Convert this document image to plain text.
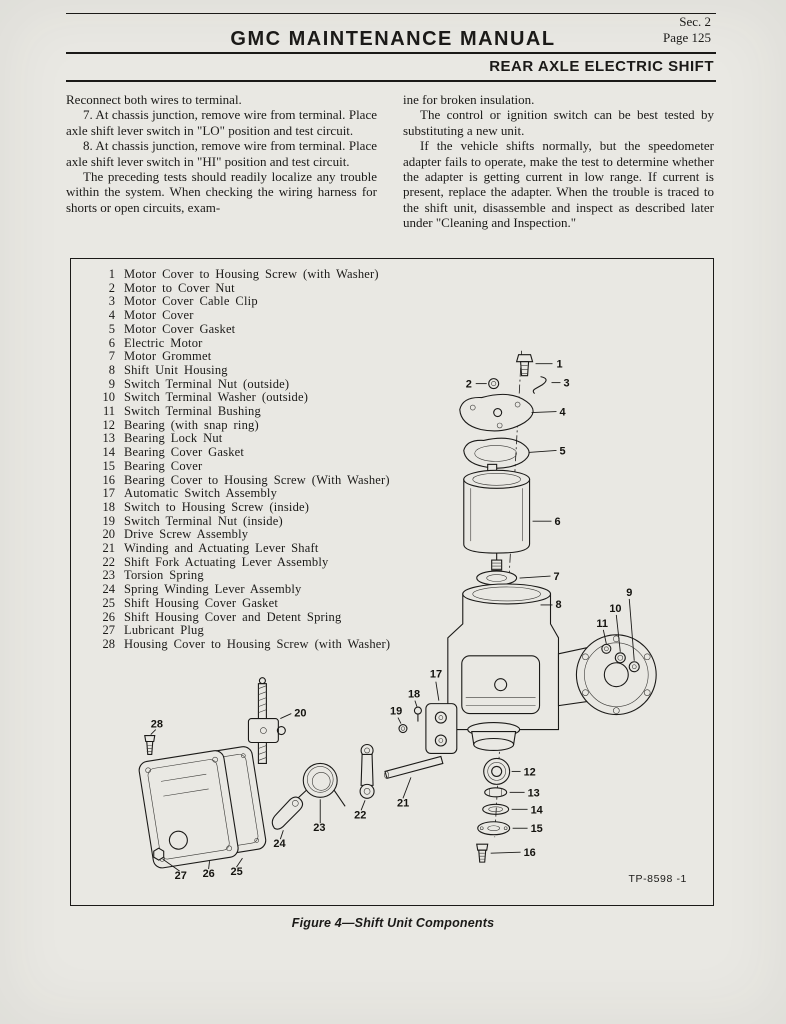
Sec. 2
Page 125
GMC MAINTENANCE MANUAL
REAR AXLE ELECTRIC SHIFT

Reconnect both wires to terminal.

7. At chassis junction, remove wire from terminal. Place axle shift lever switch in "LO" position and test circuit.

8. At chassis junction, remove wire from terminal. Place axle shift lever switch in "HI" position and test circuit.

The preceding tests should readily localize any trouble within the system. When checking the wiring harness for shorts or open circuits, exam-

ine for broken insulation.

The control or ignition switch can be best tested by substituting a new unit.

If the vehicle shifts normally, but the speedometer adapter fails to operate, make the test to determine whether the adapter is getting current in low range. If current is present, replace the adapter. When the trouble is traced to the shift unit, disassemble and inspect as described later under "Cleaning and Inspection."

1
2	3
4
5
6
7
8
9
10
11
12
13
14
15
16
17
18
19
20
21
22
23
24
25
26
27
28
1 Motor Cover to Housing Screw (with Washer)
2 Motor to Cover Nut
3 Motor Cover Cable Clip
4 Motor Cover
5 Motor Cover Gasket
6 Electric Motor
7 Motor Grommet
8 Shift Unit Housing
9 Switch Terminal Nut (outside)
10 Switch Terminal Washer (outside)
11 Switch Terminal Bushing
12 Bearing (with snap ring)
13 Bearing Lock Nut
14 Bearing Cover Gasket
15 Bearing Cover
16 Bearing Cover to Housing Screw (With Washer)
17 Automatic Switch Assembly
18 Switch to Housing Screw (inside)
19 Switch Terminal Nut (inside)
20 Drive Screw Assembly
21 Winding and Actuating Lever Shaft
22 Shift Fork Actuating Lever Assembly
23 Torsion Spring
24 Spring Winding Lever Assembly
25 Shift Housing Cover Gasket
26 Shift Housing Cover and Detent Spring
27 Lubricant Plug
28 Housing Cover to Housing Screw (with Washer)
TP-8598 -1
Figure 4—Shift Unit Components
